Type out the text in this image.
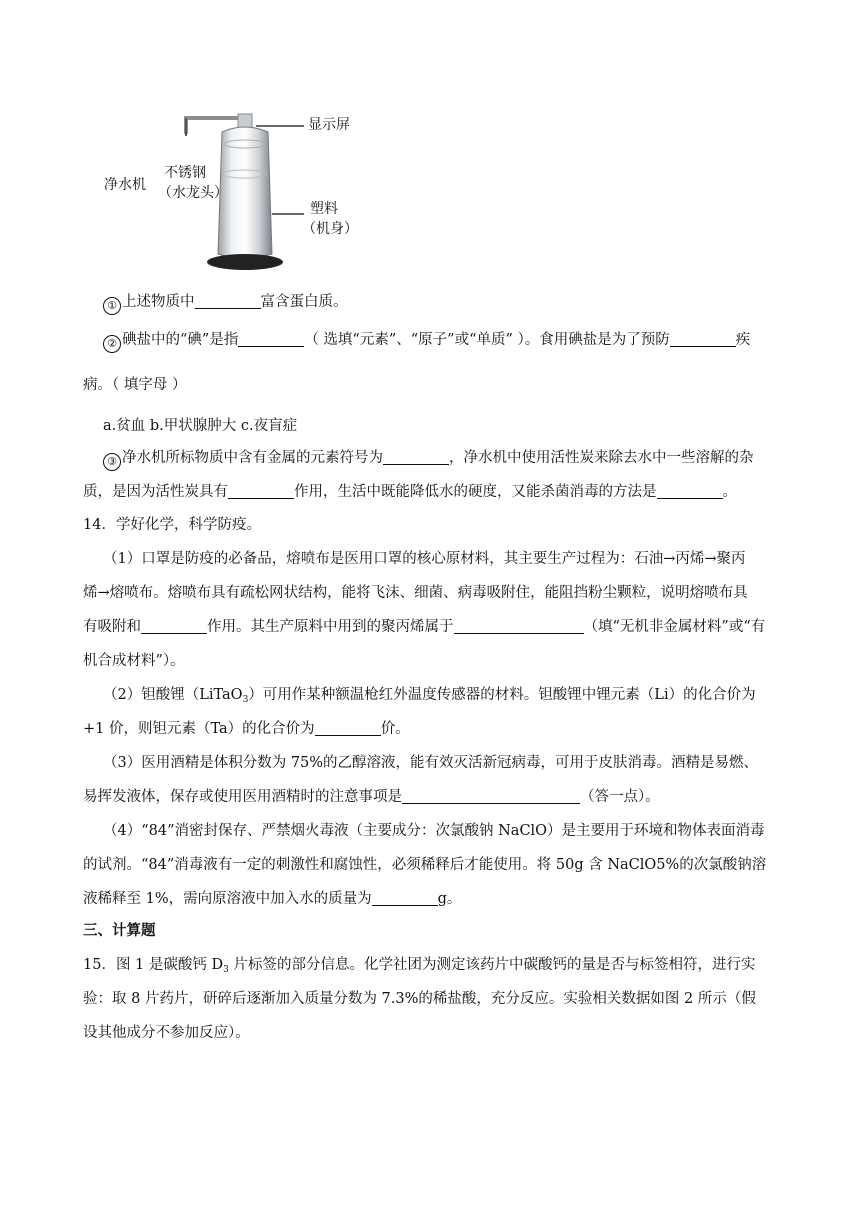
净水机
不锈钢
（水龙头）
显示屏
塑料
（机身）
① 上述物质中	富含蛋白质。
② 碘盐中的“碘”是指	（ 选填“元素”、“原子”或“单质” ）。食用碘盐是为了预防	疾
病。（ 填字母 ）
a.贫血 b.甲状腺肿大 c.夜盲症
③ 净水机所标物质中含有金属的元素符号为	，净水机中使用活性炭来除去水中一些溶解的杂
质，是因为活性炭具有	作用，生活中既能降低水的硬度，又能杀菌消毒的方法是	。
14．学好化学，科学防疫。
（1）口罩是防疫的必备品，熔喷布是医用口罩的核心原材料，其主要生产过程为：石油→丙烯→聚丙
烯→熔喷布。熔喷布具有疏松网状结构，能将飞沫、细菌、病毒吸附住，能阻挡粉尘颗粒，说明熔喷布具
有吸附和	作用。其生产原料中用到的聚丙烯属于	（填“无机非金属材料”或“有
机合成材料”）。
（2）钽酸锂（LiTaO$_3$）可用作某种额温枪红外温度传感器的材料。钽酸锂中锂元素（Li）的化合价为
+1 价，则钽元素（Ta）的化合价为	价。
（3）医用酒精是体积分数为 75%的乙醇溶液，能有效灭活新冠病毒，可用于皮肤消毒。酒精是易燃、
易挥发液体，保存或使用医用酒精时的注意事项是	（答一点）。
（4）“84”消密封保存、严禁烟火毒液（主要成分：次氯酸钠 NaClO）是主要用于环境和物体表面消毒
的试剂。“84”消毒液有一定的刺激性和腐蚀性，必须稀释后才能使用。将 50g 含 NaClO5%的次氯酸钠溶
液稀释至 1%，需向原溶液中加入水的质量为	g。
三、计算题
15．图 1 是碳酸钙 $D_3$ 片标签的部分信息。化学社团为测定该药片中碳酸钙的量是否与标签相符，进行实
验：取 8 片药片，研碎后逐渐加入质量分数为 7.3%的稀盐酸，充分反应。实验相关数据如图 2 所示（假
设其他成分不参加反应）。
